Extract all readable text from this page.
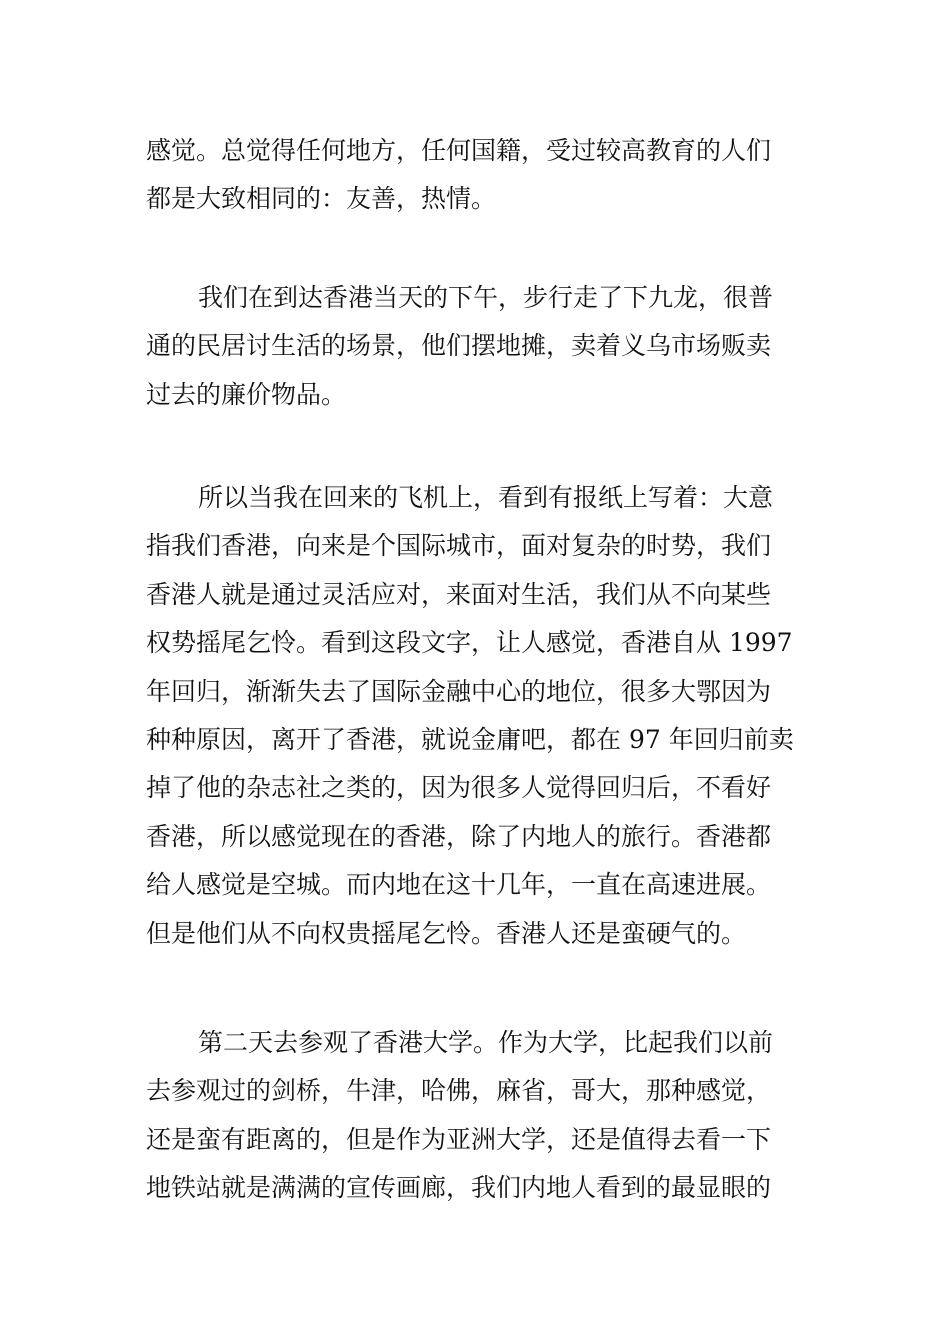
感觉。总觉得任何地方，任何国籍，受过较高教育的人们
都是大致相同的：友善，热情。
我们在到达香港当天的下午，步行走了下九龙，很普
通的民居讨生活的场景，他们摆地摊，卖着义乌市场贩卖
过去的廉价物品。
所以当我在回来的飞机上，看到有报纸上写着：大意
指我们香港，向来是个国际城市，面对复杂的时势，我们
香港人就是通过灵活应对，来面对生活，我们从不向某些
权势摇尾乞怜。看到这段文字，让人感觉，香港自从 1997
年回归，渐渐失去了国际金融中心的地位，很多大鄂因为
种种原因，离开了香港，就说金庸吧，都在 97 年回归前卖
掉了他的杂志社之类的，因为很多人觉得回归后，不看好
香港，所以感觉现在的香港，除了内地人的旅行。香港都
给人感觉是空城。而内地在这十几年，一直在高速进展。
但是他们从不向权贵摇尾乞怜。香港人还是蛮硬气的。
第二天去参观了香港大学。作为大学，比起我们以前
去参观过的剑桥，牛津，哈佛，麻省，哥大，那种感觉，
还是蛮有距离的，但是作为亚洲大学，还是值得去看一下
地铁站就是满满的宣传画廊，我们内地人看到的最显眼的
